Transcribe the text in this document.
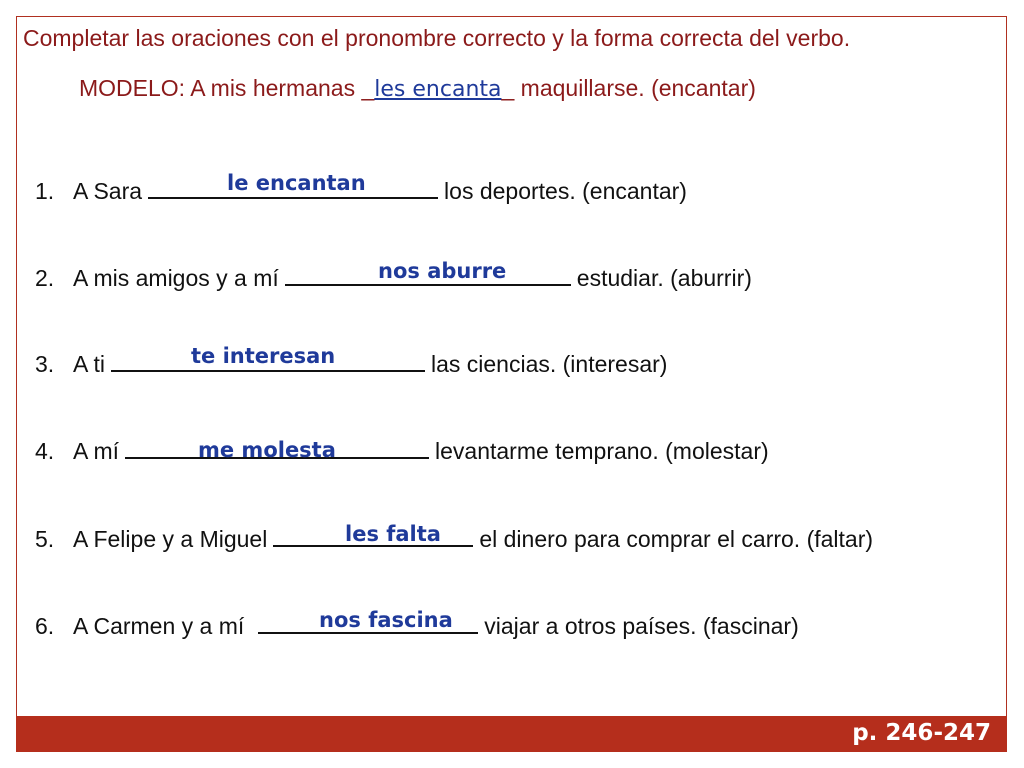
Completar las oraciones con el pronombre correcto y la forma correcta del verbo.
MODELO: A mis hermanas _les encanta_ maquillarse. (encantar)
1. A Sara	los deportes. (encantar)
le encantan
2. A mis amigos y a mí	estudiar. (aburrir)
nos aburre
3. A ti	las ciencias. (interesar)
te interesan
4. A mí	levantarme temprano. (molestar)
me molesta
5. A Felipe y a Miguel	el dinero para comprar el carro. (faltar)
les falta
6. A Carmen y a mí	viajar a otros países. (fascinar)
nos fascina
p. 246-247
